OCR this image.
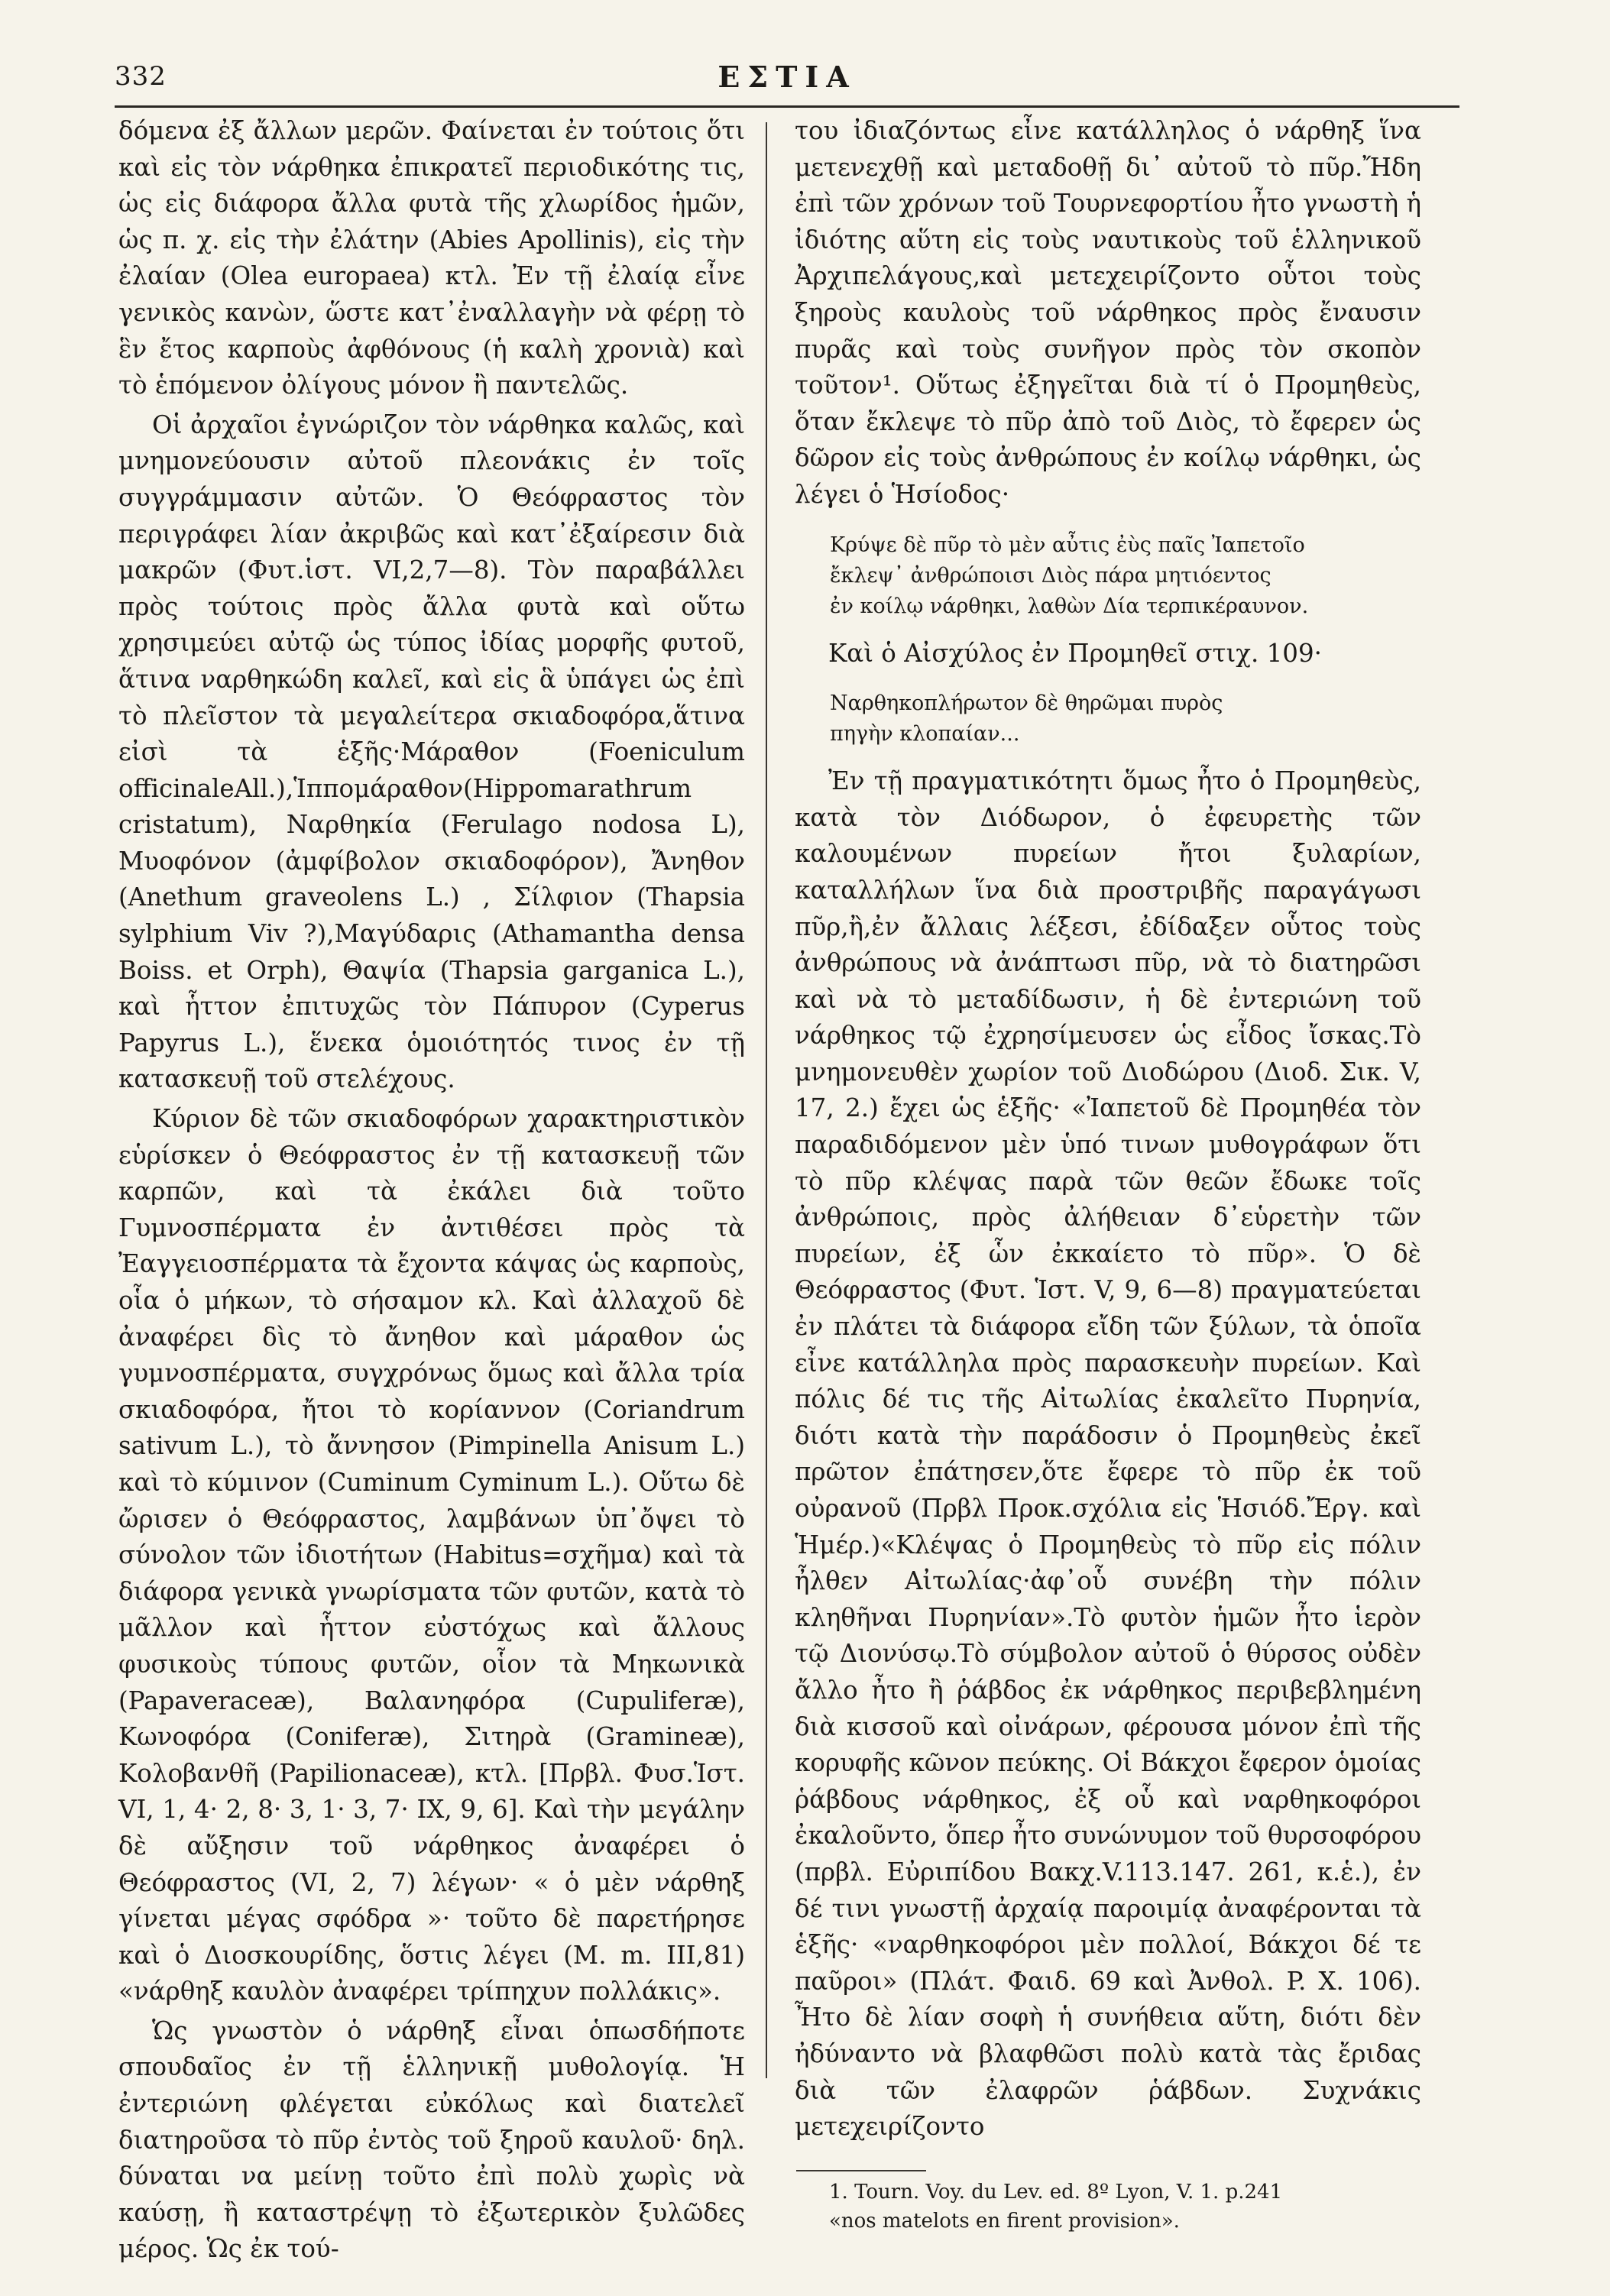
332	ΕΣΤΙΑ

δόμενα ἐξ ἄλλων μερῶν. Φαίνεται ἐν τούτοις ὅτι καὶ εἰς τὸν νάρθηκα ἐπικρατεῖ περιοδικότης τις, ὡς εἰς διάφορα ἄλλα φυτὰ τῆς χλωρίδος ἡμῶν, ὡς π. χ. εἰς τὴν ἐλάτην (Abies Apollinis), εἰς τὴν ἐλαίαν (Olea europaea) κτλ. Ἐν τῇ ἐλαίᾳ εἶνε γενικὸς κανὼν, ὥστε κατ᾽ἐναλλαγὴν νὰ φέρῃ τὸ ἓν ἔτος καρποὺς ἀφθόνους (ἡ καλὴ χρονιὰ) καὶ τὸ ἑπόμενον ὀλίγους μόνον ἢ παντελῶς.

Οἱ ἀρχαῖοι ἐγνώριζον τὸν νάρθηκα καλῶς, καὶ μνημονεύουσιν αὐτοῦ πλεονάκις ἐν τοῖς συγγράμμασιν αὐτῶν. Ὁ Θεόφραστος τὸν περιγράφει λίαν ἀκριβῶς καὶ κατ᾽ἐξαίρεσιν διὰ μακρῶν (Φυτ.ἱστ. VI,2,7—8). Τὸν παραβάλλει πρὸς τούτοις πρὸς ἄλλα φυτὰ καὶ οὕτω χρησιμεύει αὐτῷ ὡς τύπος ἰδίας μορφῆς φυτοῦ, ἅτινα ναρθηκώδη καλεῖ, καὶ εἰς ἃ ὑπάγει ὡς ἐπὶ τὸ πλεῖστον τὰ μεγαλείτερα σκιαδοφόρα,ἅτινα εἰσὶ τὰ ἑξῆς·Μάραθον (Foeniculum officinaleAll.),Ἱππομάραθον(Hippomarathrum cristatum), Ναρθηκία (Ferulago nodosa L), Μυοφόνον (ἀμφίβολον σκιαδοφόρον), Ἄνηθον (Anethum graveolens L.) , Σίλφιον (Thapsia sylphium Viv ?),Μαγύδαρις (Athamantha densa Boiss. et Orph), Θαψία (Thapsia garganica L.), καὶ ἧττον ἐπιτυχῶς τὸν Πάπυρον (Cyperus Papyrus L.), ἕνεκα ὁμοιότητός τινος ἐν τῇ κατασκευῇ τοῦ στελέχους.

Κύριον δὲ τῶν σκιαδοφόρων χαρακτηριστικὸν εὑρίσκεν ὁ Θεόφραστος ἐν τῇ κατασκευῇ τῶν καρπῶν, καὶ τὰ ἐκάλει διὰ τοῦτο Γυμνοσπέρματα ἐν ἀντιθέσει πρὸς τὰ Ἐαγγειοσπέρματα τὰ ἔχοντα κάψας ὡς καρποὺς, οἷα ὁ μήκων, τὸ σήσαμον κλ. Καὶ ἀλλαχοῦ δὲ ἀναφέρει δὶς τὸ ἄνηθον καὶ μάραθον ὡς γυμνοσπέρματα, συγχρόνως ὅμως καὶ ἄλλα τρία σκιαδοφόρα, ἤτοι τὸ κορίαννον (Coriandrum sativum L.), τὸ ἄννησον (Pimpinella Anisum L.) καὶ τὸ κύμινον (Cuminum Cyminum L.). Οὕτω δὲ ὤρισεν ὁ Θεόφραστος, λαμβάνων ὑπ᾽ὄψει τὸ σύνολον τῶν ἰδιοτήτων (Habitus=σχῆμα) καὶ τὰ διάφορα γενικὰ γνωρίσματα τῶν φυτῶν, κατὰ τὸ μᾶλλον καὶ ἧττον εὐστόχως καὶ ἄλλους φυσικοὺς τύπους φυτῶν, οἷον τὰ Μηκωνικὰ (Papaveraceæ), Βαλανηφόρα (Cupuliferæ), Κωνοφόρα (Coniferæ), Σιτηρὰ (Gramineæ), Κολοβανθῆ (Papilionaceæ), κτλ. [Πρβλ. Φυσ.Ἱστ. VI, 1, 4· 2, 8· 3, 1· 3, 7· IX, 9, 6]. Καὶ τὴν μεγάλην δὲ αὔξησιν τοῦ νάρθηκος ἀναφέρει ὁ Θεόφραστος (VI, 2, 7) λέγων· « ὁ μὲν νάρθηξ γίνεται μέγας σφόδρα »· τοῦτο δὲ παρετήρησε καὶ ὁ Διοσκουρίδης, ὅστις λέγει (M. m. III,81) «νάρθηξ καυλὸν ἀναφέρει τρίπηχυν πολλάκις».

Ὡς γνωστὸν ὁ νάρθηξ εἶναι ὁπωσδήποτε σπουδαῖος ἐν τῇ ἑλληνικῇ μυθολογίᾳ. Ἡ ἐντεριώνη φλέγεται εὐκόλως καὶ διατελεῖ διατηροῦσα τὸ πῦρ ἐντὸς τοῦ ξηροῦ καυλοῦ· δηλ. δύναται να μείνῃ τοῦτο ἐπὶ πολὺ χωρὶς νὰ καύσῃ, ἢ καταστρέψῃ τὸ ἐξωτερικὸν ξυλῶδες μέρος. Ὡς ἐκ τού-

του ἰδιαζόντως εἶνε κατάλληλος ὁ νάρθηξ ἵνα μετενεχθῇ καὶ μεταδοθῇ δι᾽ αὐτοῦ τὸ πῦρ.Ἤδη ἐπὶ τῶν χρόνων τοῦ Τουρνεφορτίου ἦτο γνωστὴ ἡ ἰδιότης αὕτη εἰς τοὺς ναυτικοὺς τοῦ ἑλληνικοῦ Ἀρχιπελάγους,καὶ μετεχειρίζοντο οὗτοι τοὺς ξηροὺς καυλοὺς τοῦ νάρθηκος πρὸς ἔναυσιν πυρᾶς καὶ τοὺς συνῆγον πρὸς τὸν σκοπὸν τοῦτον¹. Οὕτως ἐξηγεῖται διὰ τί ὁ Προμηθεὺς, ὅταν ἔκλεψε τὸ πῦρ ἀπὸ τοῦ Διὸς, τὸ ἔφερεν ὡς δῶρον εἰς τοὺς ἀνθρώπους ἐν κοίλῳ νάρθηκι, ὡς λέγει ὁ Ἡσίοδος·

Κρύψε δὲ πῦρ τὸ μὲν αὖτις ἐὺς παῖς Ἰαπετοῖο
ἔκλεψ᾽ ἀνθρώποισι Διὸς πάρα μητιόεντος
ἐν κοίλῳ νάρθηκι, λαθὼν Δία τερπικέραυνον.

Καὶ ὁ Αἰσχύλος ἐν Προμηθεῖ στιχ. 109·

Ναρθηκοπλήρωτον δὲ θηρῶμαι πυρὸς
πηγὴν κλοπαίαν...

Ἐν τῇ πραγματικότητι ὅμως ἦτο ὁ Προμηθεὺς, κατὰ τὸν Διόδωρον, ὁ ἐφευρετὴς τῶν καλουμένων πυρείων ἤτοι ξυλαρίων, καταλλήλων ἵνα διὰ προστριβῆς παραγάγωσι πῦρ,ἢ,ἐν ἄλλαις λέξεσι, ἐδίδαξεν οὗτος τοὺς ἀνθρώπους νὰ ἀνάπτωσι πῦρ, νὰ τὸ διατηρῶσι καὶ νὰ τὸ μεταδίδωσιν, ἡ δὲ ἐντεριώνη τοῦ νάρθηκος τῷ ἐχρησίμευσεν ὡς εἶδος ἴσκας.Τὸ μνημονευθὲν χωρίον τοῦ Διοδώρου (Διοδ. Σικ. V, 17, 2.) ἔχει ὡς ἑξῆς· «Ἰαπετοῦ δὲ Προμηθέα τὸν παραδιδόμενον μὲν ὑπό τινων μυθογράφων ὅτι τὸ πῦρ κλέψας παρὰ τῶν θεῶν ἔδωκε τοῖς ἀνθρώποις, πρὸς ἀλήθειαν δ᾽εὑρετὴν τῶν πυρείων, ἐξ ὧν ἐκκαίετο τὸ πῦρ». Ὁ δὲ Θεόφραστος (Φυτ. Ἱστ. V, 9, 6—8) πραγματεύεται ἐν πλάτει τὰ διάφορα εἴδη τῶν ξύλων, τὰ ὁποῖα εἶνε κατάλληλα πρὸς παρασκευὴν πυρείων. Καὶ πόλις δέ τις τῆς Αἰτωλίας ἐκαλεῖτο Πυρηνία, διότι κατὰ τὴν παράδοσιν ὁ Προμηθεὺς ἐκεῖ πρῶτον ἐπάτησεν,ὅτε ἔφερε τὸ πῦρ ἐκ τοῦ οὐρανοῦ (Πρβλ Προκ.σχόλια εἰς Ἡσιόδ.Ἔργ. καὶ Ἡμέρ.)«Κλέψας ὁ Προμηθεὺς τὸ πῦρ εἰς πόλιν ἦλθεν Αἰτωλίας·ἀφ᾽οὗ συνέβη τὴν πόλιν κληθῆναι Πυρηνίαν».Τὸ φυτὸν ἡμῶν ἦτο ἱερὸν τῷ Διονύσῳ.Τὸ σύμβολον αὐτοῦ ὁ θύρσος οὐδὲν ἄλλο ἦτο ἢ ῥάβδος ἐκ νάρθηκος περιβεβλημένη διὰ κισσοῦ καὶ οἰνάρων, φέρουσα μόνον ἐπὶ τῆς κορυφῆς κῶνον πεύκης. Οἱ Βάκχοι ἔφερον ὁμοίας ῥάβδους νάρθηκος, ἐξ οὗ καὶ ναρθηκοφόροι ἐκαλοῦντο, ὅπερ ἦτο συνώνυμον τοῦ θυρσοφόρου (πρβλ. Εὐριπίδου Βακχ.V.113.147. 261, κ.ἑ.), ἐν δέ τινι γνωστῇ ἀρχαίᾳ παροιμίᾳ ἀναφέρονται τὰ ἑξῆς· «ναρθηκοφόροι μὲν πολλοί, Βάκχοι δέ τε παῦροι» (Πλάτ. Φαιδ. 69 καὶ Ἀνθολ. P. X. 106). Ἦτο δὲ λίαν σοφὴ ἡ συνήθεια αὕτη, διότι δὲν ἠδύναντο νὰ βλαφθῶσι πολὺ κατὰ τὰς ἔριδας διὰ τῶν ἐλαφρῶν ῥάβδων. Συχνάκις μετεχειρίζοντο

1. Tourn. Voy. du Lev. ed. 8º Lyon, V. 1. p.241
«nos matelots en firent provision».
